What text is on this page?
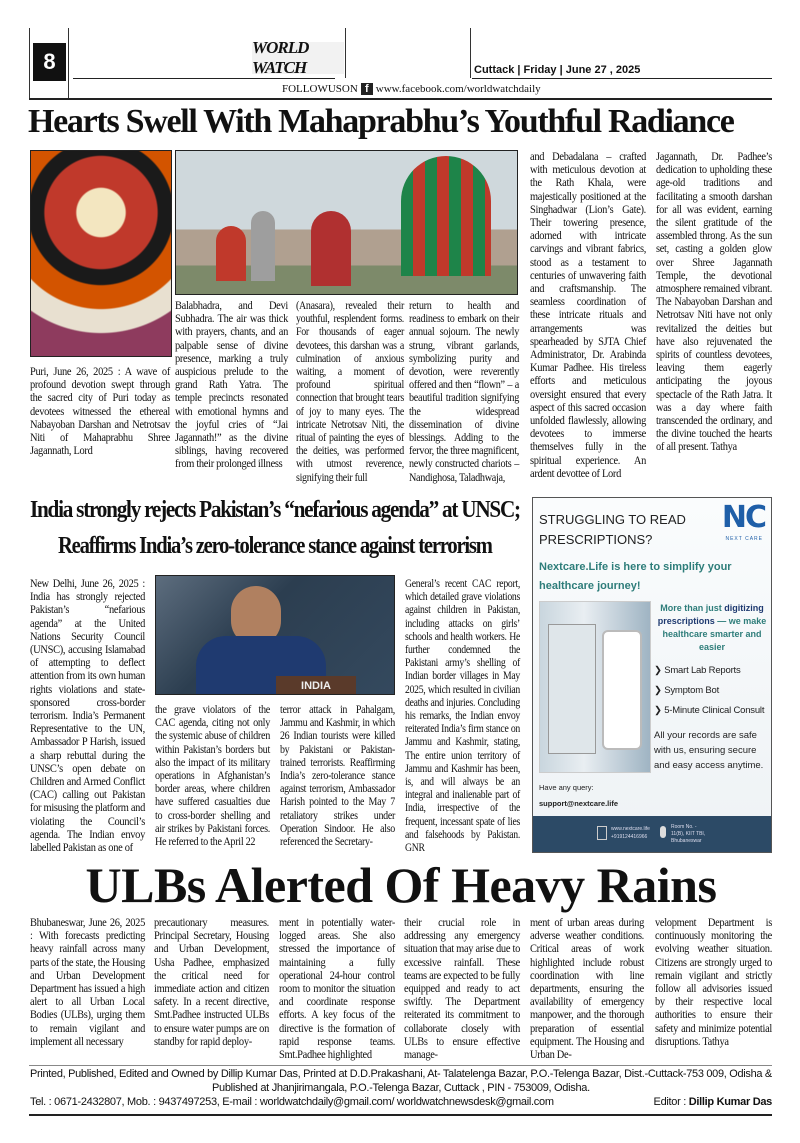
8
WORLD WATCH	Cuttack | Friday | June 27 , 2025
FOLLOWUSON f www.facebook.com/worldwatchdaily
Hearts Swell With Mahaprabhu’s Youthful Radiance
Puri, June 26, 2025 : A wave of profound devotion swept through the sacred city of Puri today as devotees witnessed the ethereal Nabayoban Darshan and Netrotsav Niti of Mahaprabhu Shree Jagannath, Lord
Balabhadra, and Devi Subhadra. The air was thick with prayers, chants, and an palpable sense of divine presence, marking a truly auspicious prelude to the grand Rath Yatra. The temple precincts resonated with emotional hymns and the joyful cries of “Jai Jagannath!” as the divine siblings, having recovered from their prolonged illness
(Anasara), revealed their youthful, resplendent forms. For thousands of eager devotees, this darshan was a culmination of anxious waiting, a moment of profound spiritual connection that brought tears of joy to many eyes. The intricate Netrotsav Niti, the ritual of painting the eyes of the deities, was performed with utmost reverence, signifying their full
return to health and readiness to embark on their annual sojourn. The newly strung, vibrant garlands, symbolizing purity and devotion, were reverently offered and then “flown” – a beautiful tradition signifying the widespread dissemination of divine blessings. Adding to the fervor, the three magnificent, newly constructed chariots – Nandighosa, Taladhwaja,
and Debadalana – crafted with meticulous devotion at the Rath Khala, were majestically positioned at the Singhadwar (Lion’s Gate). Their towering presence, adorned with intricate carvings and vibrant fabrics, stood as a testament to centuries of unwavering faith and craftsmanship. The seamless coordination of these intricate rituals and arrangements was spearheaded by SJTA Chief Administrator, Dr. Arabinda Kumar Padhee. His tireless efforts and meticulous oversight ensured that every aspect of this sacred occasion unfolded flawlessly, allowing devotees to immerse themselves fully in the spiritual experience. An ardent devottee of Lord
Jagannath, Dr. Padhee’s dedication to upholding these age-old traditions and facilitating a smooth darshan for all was evident, earning the silent gratitude of the assembled throng. As the sun set, casting a golden glow over Shree Jagannath Temple, the devotional atmosphere remained vibrant. The Nabayoban Darshan and Netrotsav Niti have not only revitalized the deities but have also rejuvenated the spirits of countless devotees, leaving them eagerly anticipating the joyous spectacle of the Rath Jatra. It was a day where faith transcended the ordinary, and the divine touched the hearts of all present. Tathya
India strongly rejects Pakistan’s “nefarious agenda” at UNSC;
Reaffirms India’s zero-tolerance stance against terrorism
INDIA
New Delhi, June 26, 2025 : India has strongly rejected Pakistan’s “nefarious agenda” at the United Nations Security Council (UNSC), accusing Islamabad of attempting to deflect attention from its own human rights violations and state-sponsored cross-border terrorism. India’s Permanent Representative to the UN, Ambassador P Harish, issued a sharp rebuttal during the UNSC’s open debate on Children and Armed Conflict (CAC) calling out Pakistan for misusing the platform and violating the Council’s agenda. The Indian envoy labelled Pakistan as one of
the grave violators of the CAC agenda, citing not only the systemic abuse of children within Pakistan’s borders but also the impact of its military operations in Afghanistan’s border areas, where children have suffered casualties due to cross-border shelling and air strikes by Pakistani forces. He referred to the April 22
terror attack in Pahalgam, Jammu and Kashmir, in which 26 Indian tourists were killed by Pakistani or Pakistan-trained terrorists. Reaffirming India’s zero-tolerance stance against terrorism, Ambassador Harish pointed to the May 7 retaliatory strikes under Operation Sindoor. He also referenced the Secretary-
General’s recent CAC report, which detailed grave violations against children in Pakistan, including attacks on girls’ schools and health workers. He further condemned the Pakistani army’s shelling of Indian border villages in May 2025, which resulted in civilian deaths and injuries. Concluding his remarks, the Indian envoy reiterated India’s firm stance on Jammu and Kashmir, stating, The entire union territory of Jammu and Kashmir has been, is, and will always be an integral and inalienable part of India, irrespective of the frequent, incessant spate of lies and falsehoods by Pakistan. GNR
NC
NEXT CARE
STRUGGLING TO READ PRESCRIPTIONS?
Nextcare.Life is here to simplify your healthcare journey!
More than just digitizing prescriptions — we make healthcare smarter and easier
❯ Smart Lab Reports
❯ Symptom Bot
❯ 5-Minute Clinical Consult
All your records are safe with us, ensuring secure and easy access anytime.
Have any query:
support@nextcare.life
www.nextcare.life
+919124416966
Room No. - 11(B), KIIT TBI, Bhubaneswar
ULBs Alerted Of Heavy Rains
Bhubaneswar, June 26, 2025 : With forecasts predicting heavy rainfall across many parts of the state, the Housing and Urban Development Department has issued a high alert to all Urban Local Bodies (ULBs), urging them to remain vigilant and implement all necessary
precautionary measures. Principal Secretary, Housing and Urban Development, Usha Padhee, emphasized the critical need for immediate action and citizen safety. In a recent directive, Smt.Padhee instructed ULBs to ensure water pumps are on standby for rapid deploy-
ment in potentially water-logged areas. She also stressed the importance of maintaining a fully operational 24-hour control room to monitor the situation and coordinate response efforts. A key focus of the directive is the formation of rapid response teams. Smt.Padhee highlighted
their crucial role in addressing any emergency situation that may arise due to excessive rainfall. These teams are expected to be fully equipped and ready to act swiftly. The Department reiterated its commitment to collaborate closely with ULBs to ensure effective manage-
ment of urban areas during adverse weather conditions. Critical areas of work highlighted include robust coordination with line departments, ensuring the availability of emergency manpower, and the thorough preparation of essential equipment. The Housing and Urban De-
velopment Department is continuously monitoring the evolving weather situation. Citizens are strongly urged to remain vigilant and strictly follow all advisories issued by their respective local authorities to ensure their safety and minimize potential disruptions. Tathya
Printed, Published, Edited and Owned by Dillip Kumar Das, Printed at D.D.Prakashani, At- Talatelenga Bazar, P.O.-Telenga Bazar, Dist.-Cuttack-753 009, Odisha &
Published at Jhanjirimangala, P.O.-Telenga Bazar, Cuttack , PIN - 753009, Odisha.
Tel. : 0671-2432807, Mob. : 9437497253, E-mail : worldwatchdaily@gmail.com/ worldwatchnewsdesk@gmail.com	Editor : Dillip Kumar Das
